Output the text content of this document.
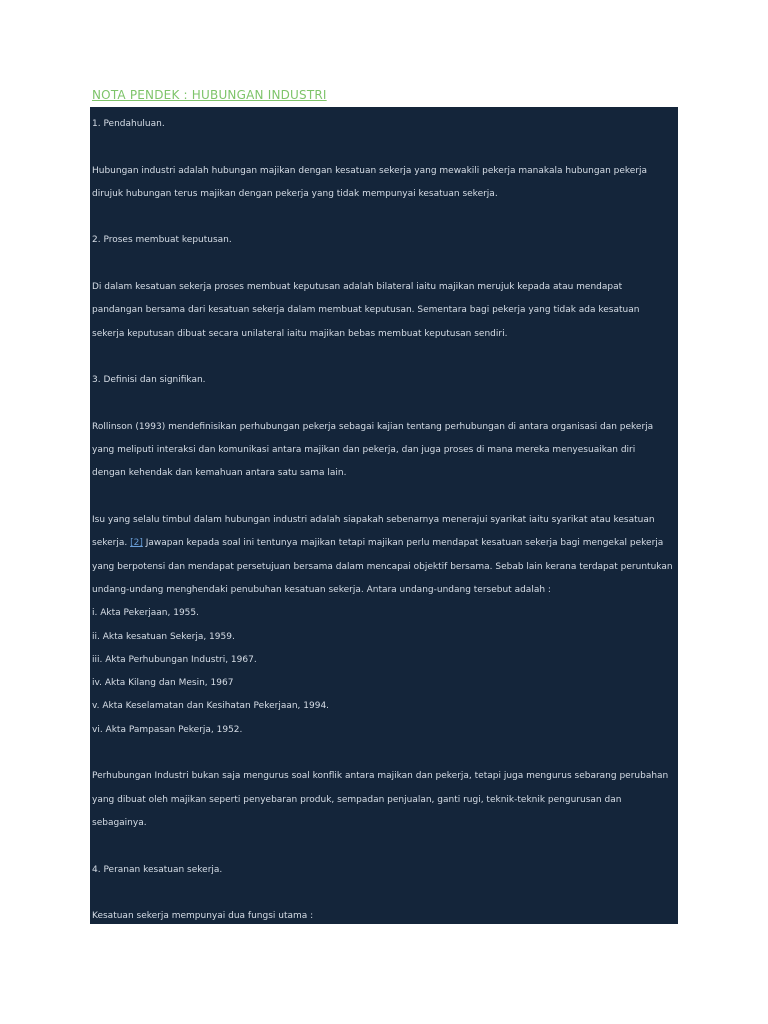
NOTA PENDEK : HUBUNGAN INDUSTRI

1. Pendahuluan.

Hubungan industri adalah hubungan majikan dengan kesatuan sekerja yang mewakili pekerja manakala hubungan pekerja

dirujuk hubungan terus majikan dengan pekerja yang tidak mempunyai kesatuan sekerja.

2. Proses membuat keputusan.

Di dalam kesatuan sekerja proses membuat keputusan adalah bilateral iaitu majikan merujuk kepada atau mendapat

pandangan bersama dari kesatuan sekerja dalam membuat keputusan. Sementara bagi pekerja yang tidak ada kesatuan

sekerja keputusan dibuat secara unilateral iaitu majikan bebas membuat keputusan sendiri.

3. Definisi dan signifikan.

Rollinson (1993) mendefinisikan perhubungan pekerja sebagai kajian tentang perhubungan di antara organisasi dan pekerja

yang meliputi interaksi dan komunikasi antara majikan dan pekerja, dan juga proses di mana mereka menyesuaikan diri

dengan kehendak dan kemahuan antara satu sama lain.

Isu yang selalu timbul dalam hubungan industri adalah siapakah sebenarnya menerajui syarikat iaitu syarikat atau kesatuan

sekerja. [2] Jawapan kepada soal ini tentunya majikan tetapi majikan perlu mendapat kesatuan sekerja bagi mengekal pekerja

yang berpotensi dan mendapat persetujuan bersama dalam mencapai objektif bersama. Sebab lain kerana terdapat peruntukan

undang-undang menghendaki penubuhan kesatuan sekerja. Antara undang-undang tersebut adalah :

i. Akta Pekerjaan, 1955.

ii. Akta kesatuan Sekerja, 1959.

iii. Akta Perhubungan Industri, 1967.

iv. Akta Kilang dan Mesin, 1967

v. Akta Keselamatan dan Kesihatan Pekerjaan, 1994.

vi. Akta Pampasan Pekerja, 1952.

Perhubungan Industri bukan saja mengurus soal konflik antara majikan dan pekerja, tetapi juga mengurus sebarang perubahan

yang dibuat oleh majikan seperti penyebaran produk, sempadan penjualan, ganti rugi, teknik-teknik pengurusan dan

sebagainya.

4. Peranan kesatuan sekerja.

Kesatuan sekerja mempunyai dua fungsi utama :
